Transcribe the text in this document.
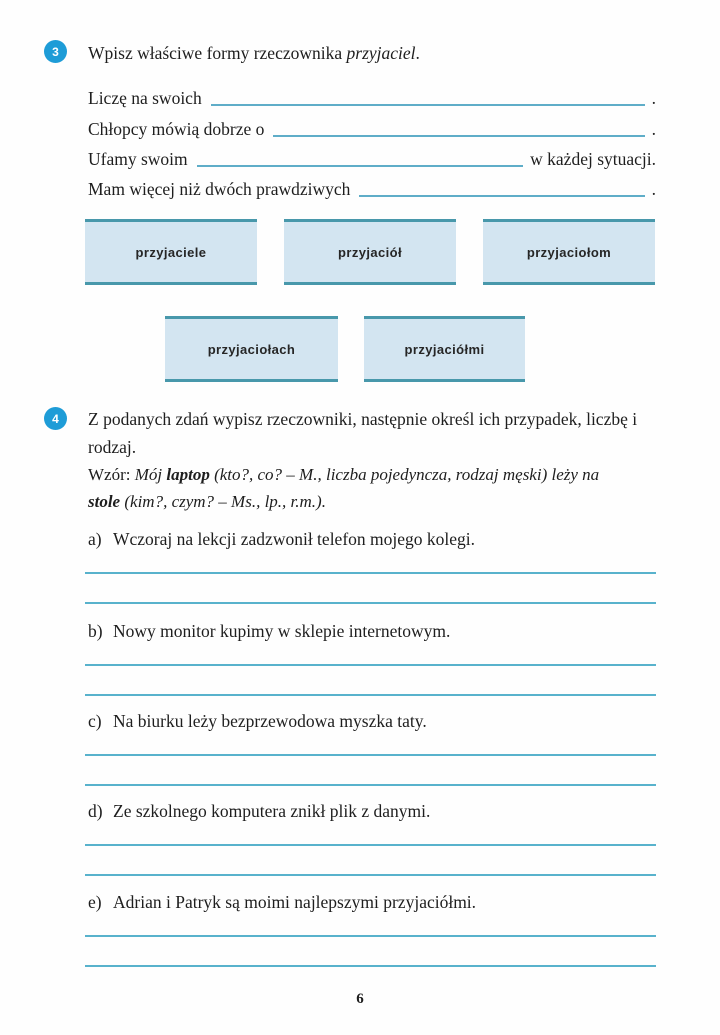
3	Wpisz właściwe formy rzeczownika przyjaciel.
Liczę na swoich	.
Chłopcy mówią dobrze o	.
Ufamy swoim	w każdej sytuacji.
Mam więcej niż dwóch prawdziwych	.
przyjaciele	przyjaciół	przyjaciołom
przyjaciołach	przyjaciółmi
4	Z podanych zdań wypisz rzeczowniki, następnie określ ich przypadek, liczbę i rodzaj.
Wzór: Mój laptop (kto?, co? – M., liczba pojedyncza, rodzaj męski) leży na stole (kim?, czym? – Ms., lp., r.m.).
a) Wczoraj na lekcji zadzwonił telefon mojego kolegi.
b) Nowy monitor kupimy w sklepie internetowym.
c) Na biurku leży bezprzewodowa myszka taty.
d) Ze szkolnego komputera znikł plik z danymi.
e) Adrian i Patryk są moimi najlepszymi przyjaciółmi.
6
